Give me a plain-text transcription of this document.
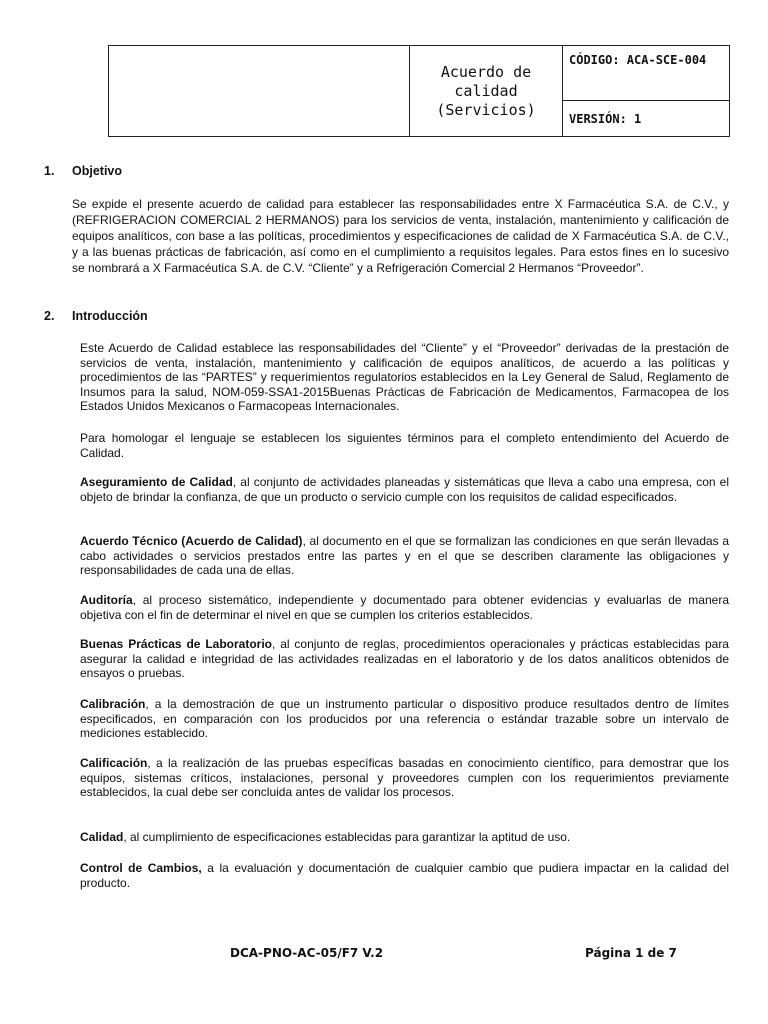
	Acuerdo de calidad (Servicios)	CÓDIGO: ACA-SCE-004
VERSIÓN: 1
1. Objetivo

Se expide el presente acuerdo de calidad para establecer las responsabilidades entre X Farmacéutica S.A. de C.V., y (REFRIGERACION COMERCIAL 2 HERMANOS) para los servicios de venta, instalación, mantenimiento y calificación de equipos analíticos, con base a las políticas, procedimientos y especificaciones de calidad de X Farmacéutica S.A. de C.V., y a las buenas prácticas de fabricación, así como en el cumplimiento a requisitos legales. Para estos fines en lo sucesivo se nombrará a X Farmacéutica S.A. de C.V. “Cliente” y a Refrigeración Comercial 2 Hermanos “Proveedor”.

2. Introducción

Este Acuerdo de Calidad establece las responsabilidades del “Cliente” y el “Proveedor” derivadas de la prestación de servicios de venta, instalación, mantenimiento y calificación de equipos analíticos, de acuerdo a las políticas y procedimientos de las “PARTES” y requerimientos regulatorios establecidos en la Ley General de Salud, Reglamento de Insumos para la salud, NOM-059-SSA1-2015Buenas Prácticas de Fabricación de Medicamentos, Farmacopea de los Estados Unidos Mexicanos o Farmacopeas Internacionales.

Para homologar el lenguaje se establecen los siguientes términos para el completo entendimiento del Acuerdo de Calidad.

Aseguramiento de Calidad, al conjunto de actividades planeadas y sistemáticas que lleva a cabo una empresa, con el objeto de brindar la confianza, de que un producto o servicio cumple con los requisitos de calidad especificados.

Acuerdo Técnico (Acuerdo de Calidad), al documento en el que se formalizan las condiciones en que serán llevadas a cabo actividades o servicios prestados entre las partes y en el que se describen claramente las obligaciones y responsabilidades de cada una de ellas.

Auditoría, al proceso sistemático, independiente y documentado para obtener evidencias y evaluarlas de manera objetiva con el fin de determinar el nivel en que se cumplen los criterios establecidos.

Buenas Prácticas de Laboratorio, al conjunto de reglas, procedimientos operacionales y prácticas establecidas para asegurar la calidad e integridad de las actividades realizadas en el laboratorio y de los datos analíticos obtenidos de ensayos o pruebas.

Calibración, a la demostración de que un instrumento particular o dispositivo produce resultados dentro de límites especificados, en comparación con los producidos por una referencia o estándar trazable sobre un intervalo de mediciones establecido.

Calificación, a la realización de las pruebas específicas basadas en conocimiento científico, para demostrar que los equipos, sistemas críticos, instalaciones, personal y proveedores cumplen con los requerimientos previamente establecidos, la cual debe ser concluida antes de validar los procesos.

Calidad, al cumplimiento de especificaciones establecidas para garantizar la aptitud de uso.

Control de Cambios, a la evaluación y documentación de cualquier cambio que pudiera impactar en la calidad del producto.

DCA-PNO-AC-05/F7 V.2	Página 1 de 7
